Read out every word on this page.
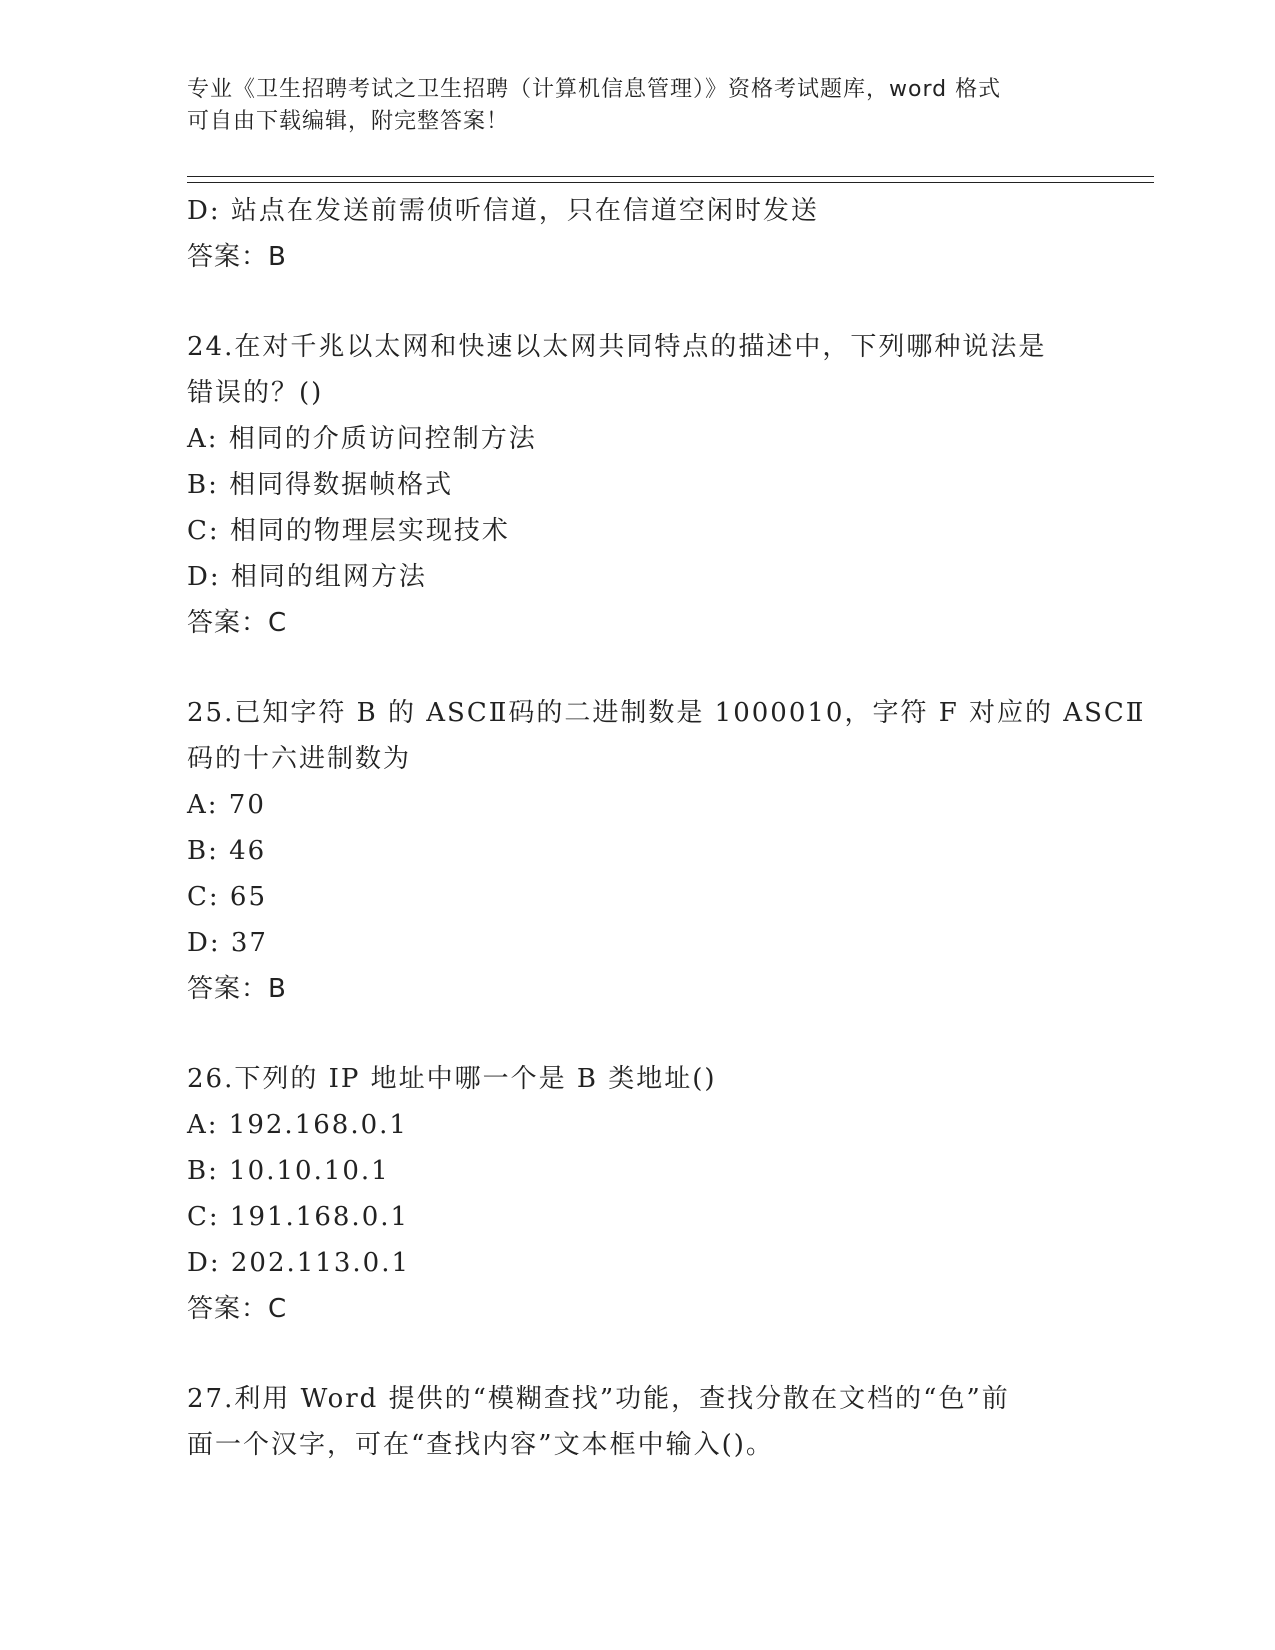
专业《卫生招聘考试之卫生招聘（计算机信息管理）》资格考试题库，word 格式
可自由下载编辑，附完整答案！
D: 站点在发送前需侦听信道，只在信道空闲时发送
答案：B
24.在对千兆以太网和快速以太网共同特点的描述中，下列哪种说法是
错误的？()
A: 相同的介质访问控制方法
B: 相同得数据帧格式
C: 相同的物理层实现技术
D: 相同的组网方法
答案：C
25.已知字符 B 的 ASCⅡ码的二进制数是 1000010，字符 F 对应的 ASCⅡ
码的十六进制数为
A: 70
B: 46
C: 65
D: 37
答案：B
26.下列的 IP 地址中哪一个是 B 类地址()
A: 192.168.0.1
B: 10.10.10.1
C: 191.168.0.1
D: 202.113.0.1
答案：C
27.利用 Word 提供的“模糊查找”功能，查找分散在文档的“色”前
面一个汉字，可在“查找内容”文本框中输入()。
